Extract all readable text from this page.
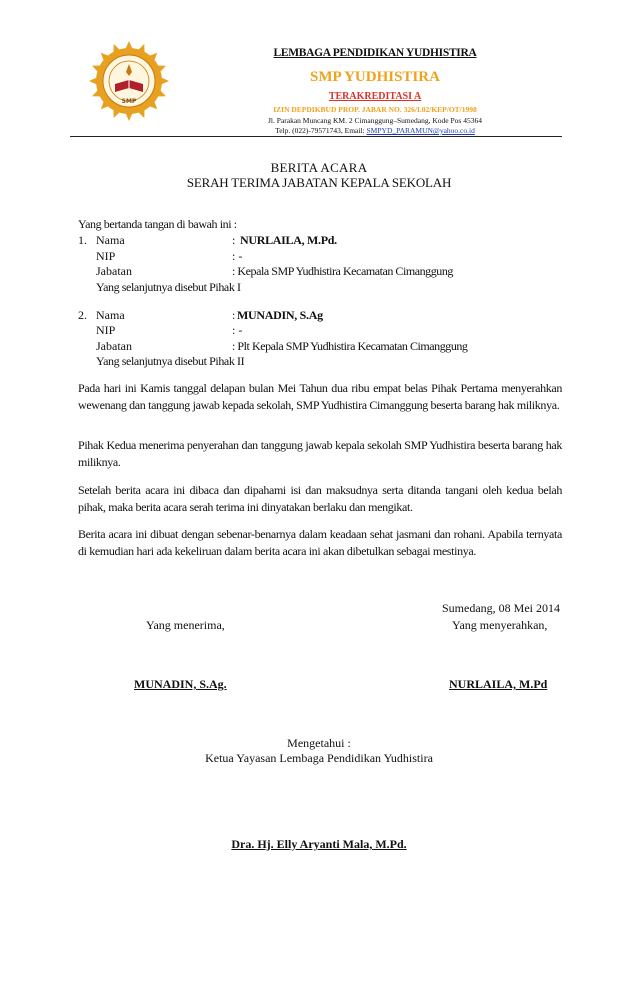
SMP
LEMBAGA PENDIDIKAN YUDHISTIRA
SMP YUDHISTIRA
TERAKREDITASI A
IZIN DEPDIKBUD PROP. JABAR NO. 326/I.02/KEP/OT/1998
Jl. Parakan Muncang KM. 2 Cimanggung–Sumedang, Kode Pos 45364
Telp. (022)-79571743, Email: SMPYD_PARAMUN@yahoo.co.id
BERITA ACARA
SERAH TERIMA JABATAN KEPALA SEKOLAH
Yang bertanda tangan di bawah ini :
1. Nama	: NURLAILA, M.Pd.
NIP	: -
Jabatan	: Kepala SMP Yudhistira Kecamatan Cimanggung
Yang selanjutnya disebut Pihak I
2. Nama	: MUNADIN, S.Ag
NIP	: -
Jabatan	: Plt Kepala SMP Yudhistira Kecamatan Cimanggung
Yang selanjutnya disebut Pihak II
Pada hari ini Kamis tanggal delapan bulan Mei Tahun dua ribu empat belas Pihak Pertama menyerahkan wewenang dan tanggung jawab kepada sekolah, SMP Yudhistira Cimanggung beserta barang hak miliknya.
Pihak Kedua menerima penyerahan dan tanggung jawab kepala sekolah SMP Yudhistira beserta barang hak miliknya.
Setelah berita acara ini dibaca dan dipahami isi dan maksudnya serta ditanda tangani oleh kedua belah pihak, maka berita acara serah terima ini dinyatakan berlaku dan mengikat.
Berita acara ini dibuat dengan sebenar-benarnya dalam keadaan sehat jasmani dan rohani. Apabila ternyata di kemudian hari ada kekeliruan dalam berita acara ini akan dibetulkan sebagai mestinya.
Sumedang, 08 Mei 2014
Yang menerima,	Yang menyerahkan,
MUNADIN, S.Ag.	NURLAILA, M.Pd
Mengetahui :
Ketua Yayasan Lembaga Pendidikan Yudhistira
Dra. Hj. Elly Aryanti Mala, M.Pd.
